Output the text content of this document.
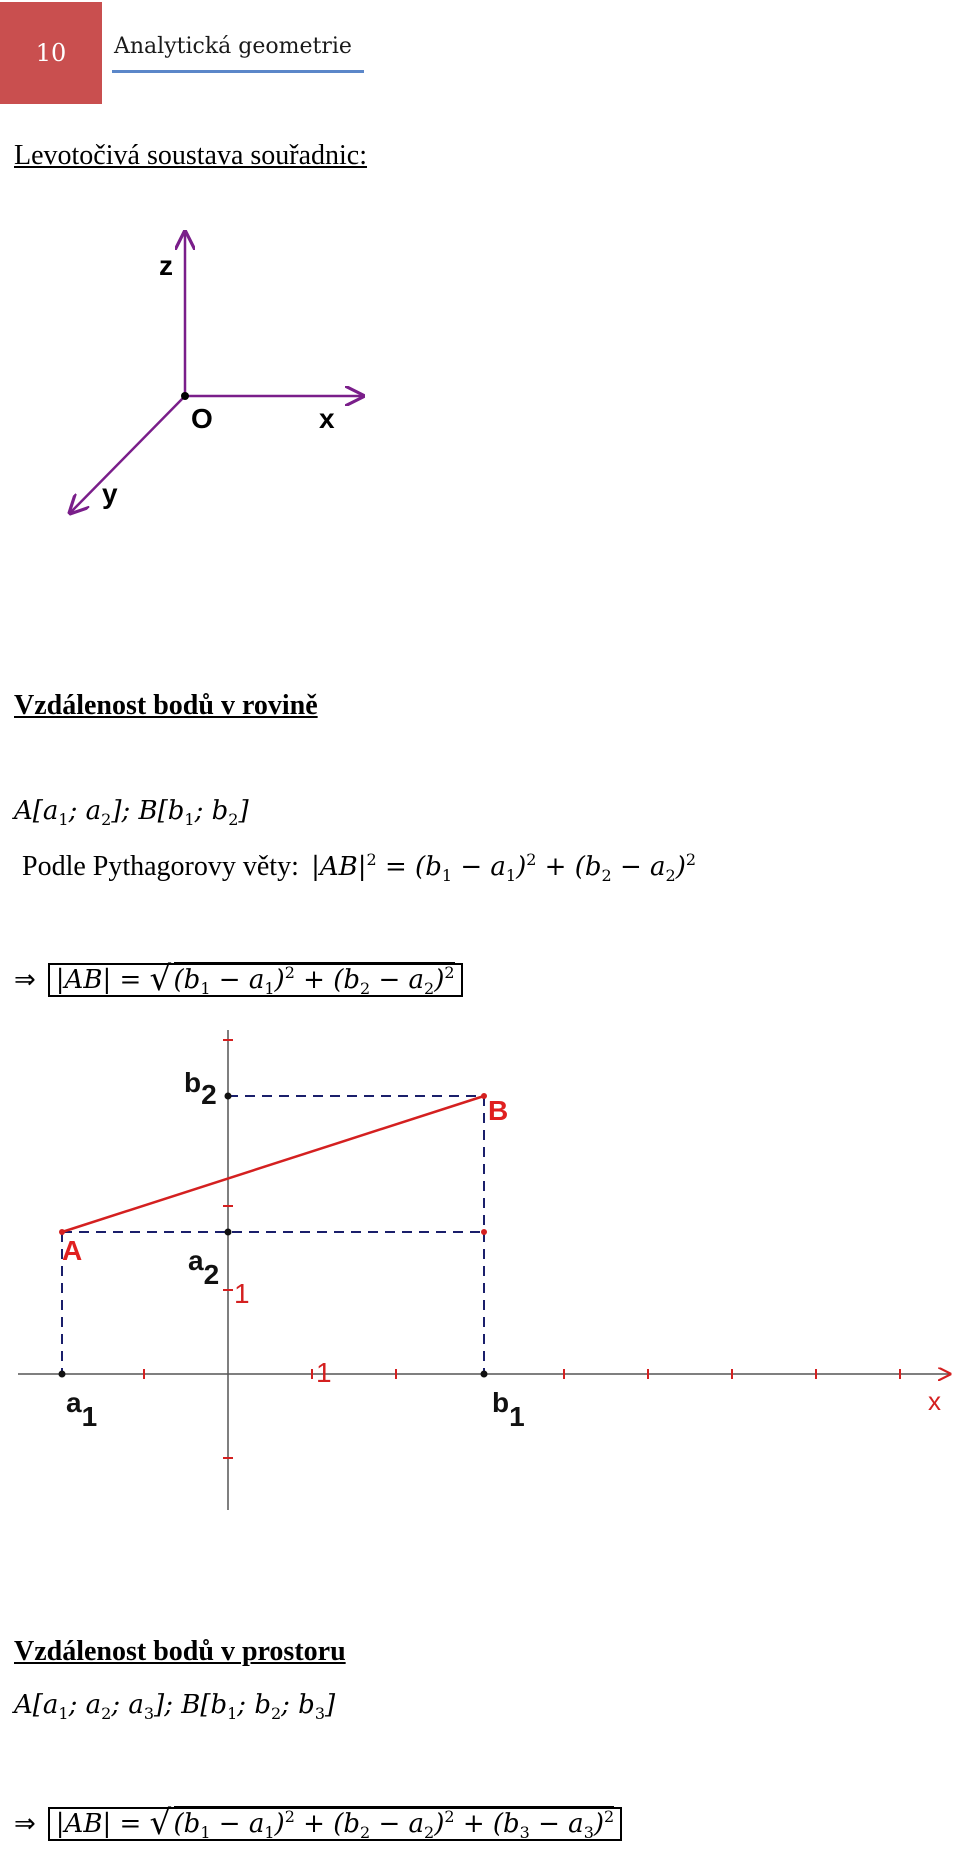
10 Analytická geometrie
Levotočivá soustava souřadnic:
z
O	x
y
Vzdálenost bodů v rovině
$A[a_1$; $a_2$]; $B[b_1$; $b_2$]
Podle Pythagorovy věty:  $|AB|^2 = (b_1 - a_1)^2 + (b_2 - a_2)^2$
⇒ |AB| = √ $(b_1 - a_1)^2 + (b_2 - a_2)^2$
A
B
b2
a2
a1	b1
1
1
x
Vzdálenost bodů v prostoru
$A[a_1$; $a_2$; $a_3$]; $B[b_1$; $b_2$; $b_3$]
⇒ |AB| = √ $(b_1 - a_1)^2 + (b_2 - a_2)^2 + (b_3 - a_3)^2$
